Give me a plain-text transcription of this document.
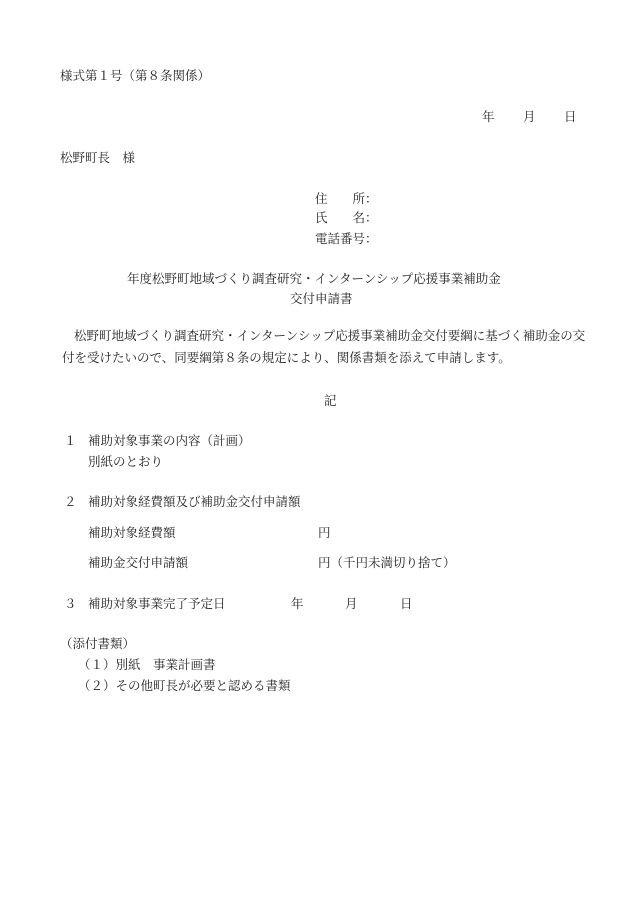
様式第１号（第８条関係）
年 月 日
松野町長　様
住　　所：
氏　　名：
電話番号：
年度松野町地域づくり調査研究・インターンシップ応援事業補助金
交付申請書
松野町地域づくり調査研究・インターンシップ応援事業補助金交付要綱に基づく補助金の交付を受けたいので、同要綱第８条の規定により、関係書類を添えて申請します。
記
１ 補助対象事業の内容（計画）
別紙のとおり
２ 補助対象経費額及び補助金交付申請額
補助対象経費額	円
補助金交付申請額	円（千円未満切り捨て）
３ 補助対象事業完了予定日	年	月	日
（添付書類）
（１）別紙　事業計画書
（２）その他町長が必要と認める書類
